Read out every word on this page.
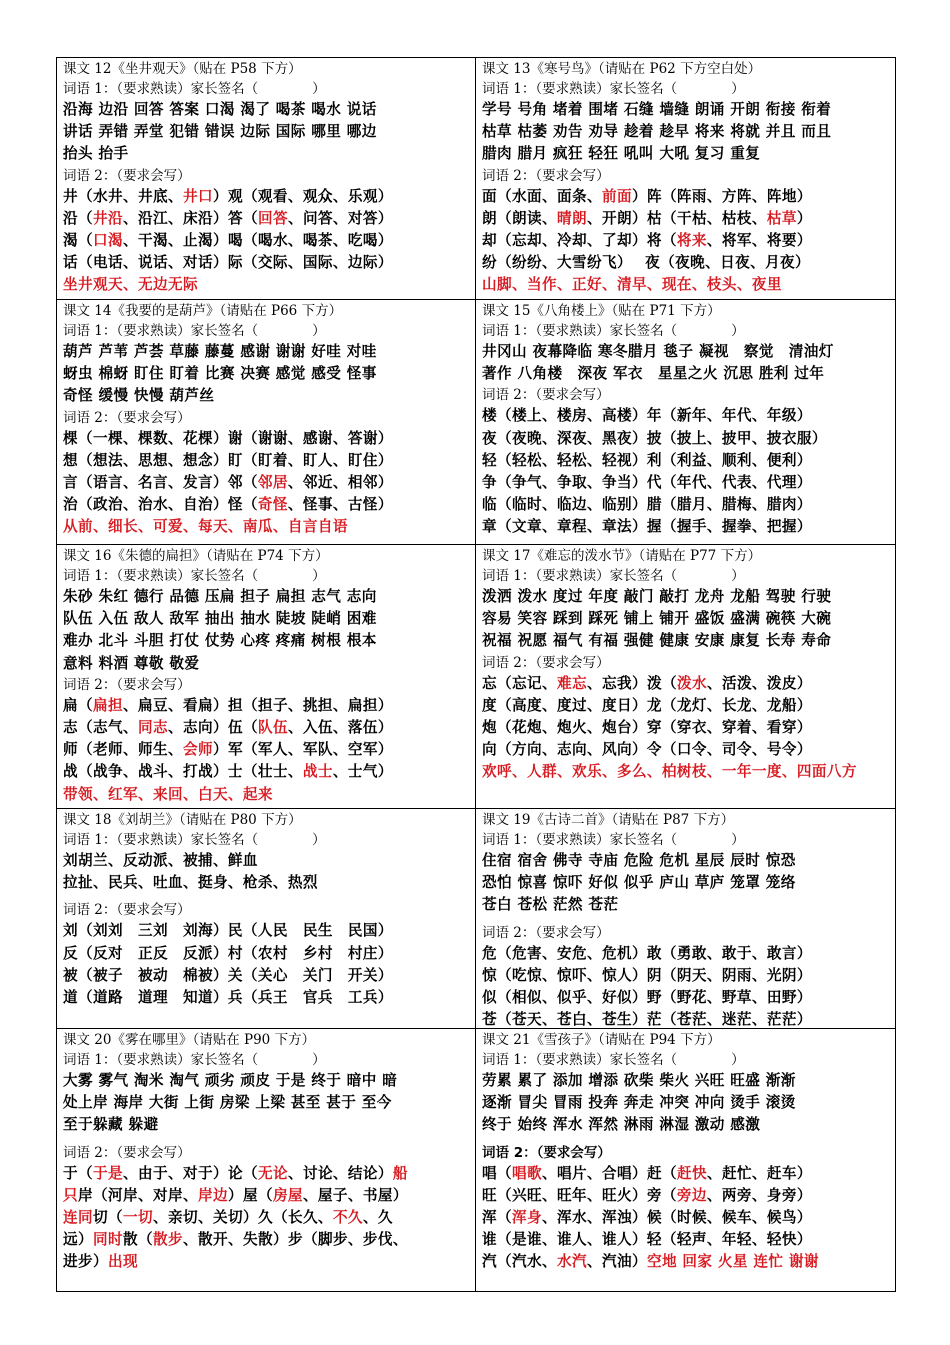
课文 12《坐井观天》（贴在 P58 下方）
词语 1：（要求熟读）家长签名（　　　　）
沿海 边沿 回答 答案 口渴 渴了 喝茶 喝水 说话
讲话 弄错 弄堂 犯错 错误 边际 国际 哪里 哪边
抬头 抬手
词语 2：（要求会写）
井（水井、井底、井口）观（观看、观众、乐观）
沿（井沿、沿江、床沿）答（回答、问答、对答）
渴（口渴、干渴、止渴）喝（喝水、喝茶、吃喝）
话（电话、说话、对话）际（交际、国际、边际）
坐井观天、无边无际
课文 13《寒号鸟》（请贴在 P62 下方空白处）
词语 1：（要求熟读）家长签名（　　　　）
学号 号角 堵着 围堵 石缝 墙缝 朗诵 开朗 衔接 衔着
枯草 枯萎 劝告 劝导 趁着 趁早 将来 将就 并且 而且
腊肉 腊月 疯狂 轻狂 吼叫 大吼 复习 重复
词语 2：（要求会写）
面（水面、面条、前面）阵（阵雨、方阵、阵地）
朗（朗读、晴朗、开朗）枯（干枯、枯枝、枯草）
却（忘却、冷却、了却）将（将来、将军、将要）
纷（纷纷、大雪纷飞）　 夜（夜晚、日夜、月夜）
山脚、当作、正好、清早、现在、枝头、夜里
课文 14《我要的是葫芦》（请贴在 P66 下方）
词语 1：（要求熟读）家长签名（　　　　）
葫芦 芦苇 芦荟 草藤 藤蔓 感谢 谢谢 好哇 对哇
蚜虫 棉蚜 盯住 盯着 比赛 决赛 感觉 感受 怪事
奇怪 缓慢 快慢 葫芦丝
词语 2：（要求会写）
棵（一棵、棵数、花棵）谢（谢谢、感谢、答谢）
想（想法、思想、想念）盯（盯着、盯人、盯住）
言（语言、名言、发言）邻（邻居、邻近、相邻）
治（政治、治水、自治）怪（奇怪、怪事、古怪）
从前、细长、可爱、每天、南瓜、自言自语
课文 15《八角楼上》（贴在 P71 下方）
词语 1：（要求熟读）家长签名（　　　　）
井冈山 夜幕降临 寒冬腊月 毯子 凝视　察觉　清油灯
著作 八角楼　深夜 军衣　星星之火 沉思 胜利 过年
词语 2：（要求会写）
楼（楼上、楼房、高楼）年（新年、年代、年级）
夜（夜晚、深夜、黑夜）披（披上、披甲、披衣服）
轻（轻松、轻松、轻视）利（利益、顺利、便利）
争（争气、争取、争当）代（年代、代表、代理）
临（临时、临边、临别）腊（腊月、腊梅、腊肉）
章（文章、章程、章法）握（握手、握拳、把握）
课文 16《朱德的扁担》（请贴在 P74 下方）
词语 1：（要求熟读）家长签名（　　　　）
朱砂 朱红 德行 品德 压扁 担子 扁担 志气 志向
队伍 入伍 敌人 敌军 抽出 抽水 陡坡 陡峭 困难
难办 北斗 斗胆 打仗 仗势 心疼 疼痛 树根 根本
意料 料酒 尊敬 敬爱
词语 2：（要求会写）
扁（扁担、扁豆、看扁）担（担子、挑担、扁担）
志（志气、同志、志向）伍（队伍、入伍、落伍）
师（老师、师生、会师）军（军人、军队、空军）
战（战争、战斗、打战）士（壮士、战士、士气）
带领、红军、来回、白天、起来
课文 17《难忘的泼水节》（请贴在 P77 下方）
词语 1：（要求熟读）家长签名（　　　　）
泼洒 泼水 度过 年度 敲门 敲打 龙舟 龙船 驾驶 行驶
容易 笑容 踩到 踩死 铺上 铺开 盛饭 盛满 碗筷 大碗
祝福 祝愿 福气 有福 强健 健康 安康 康复 长寿 寿命
词语 2：（要求会写）
忘（忘记、难忘、忘我）泼（泼水、活泼、泼皮）
度（高度、度过、度日）龙（龙灯、长龙、龙船）
炮（花炮、炮火、炮台）穿（穿衣、穿着、看穿）
向（方向、志向、风向）令（口令、司令、号令）
欢呼、人群、欢乐、多么、柏树枝、一年一度、四面八方
课文 18《刘胡兰》（请贴在 P80 下方）
词语 1：（要求熟读）家长签名（　　　　）
刘胡兰、反动派、被捕、鲜血
拉扯、民兵、吐血、挺身、枪杀、热烈
词语 2：（要求会写）
刘（刘刘　三刘　刘海）民（人民　民生　民国）
反（反对　正反　反派）村（农村　乡村　村庄）
被（被子　被动　棉被）关（关心　关门　开关）
道（道路　道理　知道）兵（兵王　官兵　工兵）
课文 19《古诗二首》（请贴在 P87 下方）
词语 1：（要求熟读）家长签名（　　　　）
住宿 宿舍 佛寺 寺庙 危险 危机 星辰 辰时 惊恐
恐怕 惊喜 惊吓 好似 似乎 庐山 草庐 笼罩 笼络
苍白 苍松 茫然 苍茫
词语 2：（要求会写）
危（危害、安危、危机）敢（勇敢、敢于、敢言）
惊（吃惊、惊吓、惊人）阴（阴天、阴雨、光阴）
似（相似、似乎、好似）野（野花、野草、田野）
苍（苍天、苍白、苍生）茫（苍茫、迷茫、茫茫）
课文 20《雾在哪里》（请贴在 P90 下方）
词语 1：（要求熟读）家长签名（　　　　）
大雾 雾气 淘米 淘气 顽劣 顽皮 于是 终于 暗中 暗
处上岸 海岸 大街 上街 房梁 上梁 甚至 甚于 至今
至于躲藏 躲避
词语 2：（要求会写）
于（于是、由于、对于）论（无论、讨论、结论）船
只岸（河岸、对岸、岸边）屋（房屋、屋子、书屋）
连同切（一切、亲切、关切）久（长久、不久、久
远）同时散（散步、散开、失散）步（脚步、步伐、
进步）出现
课文 21《雪孩子》（请贴在 P94 下方）
词语 1：（要求熟读）家长签名（　　　　）
劳累 累了 添加 增添 砍柴 柴火 兴旺 旺盛 渐渐
逐渐 冒尖 冒雨 投奔 奔走 冲突 冲向 烫手 滚烫
终于 始终 浑水 浑然 淋雨 淋湿 激动 感激
词语 2：（要求会写）
唱（唱歌、唱片、合唱）赶（赶快、赶忙、赶车）
旺（兴旺、旺年、旺火）旁（旁边、两旁、身旁）
浑（浑身、浑水、浑浊）候（时候、候车、候鸟）
谁（是谁、谁人、谁人）轻（轻声、年轻、轻快）
汽（汽水、水汽、汽油）空地 回家 火星 连忙 谢谢
